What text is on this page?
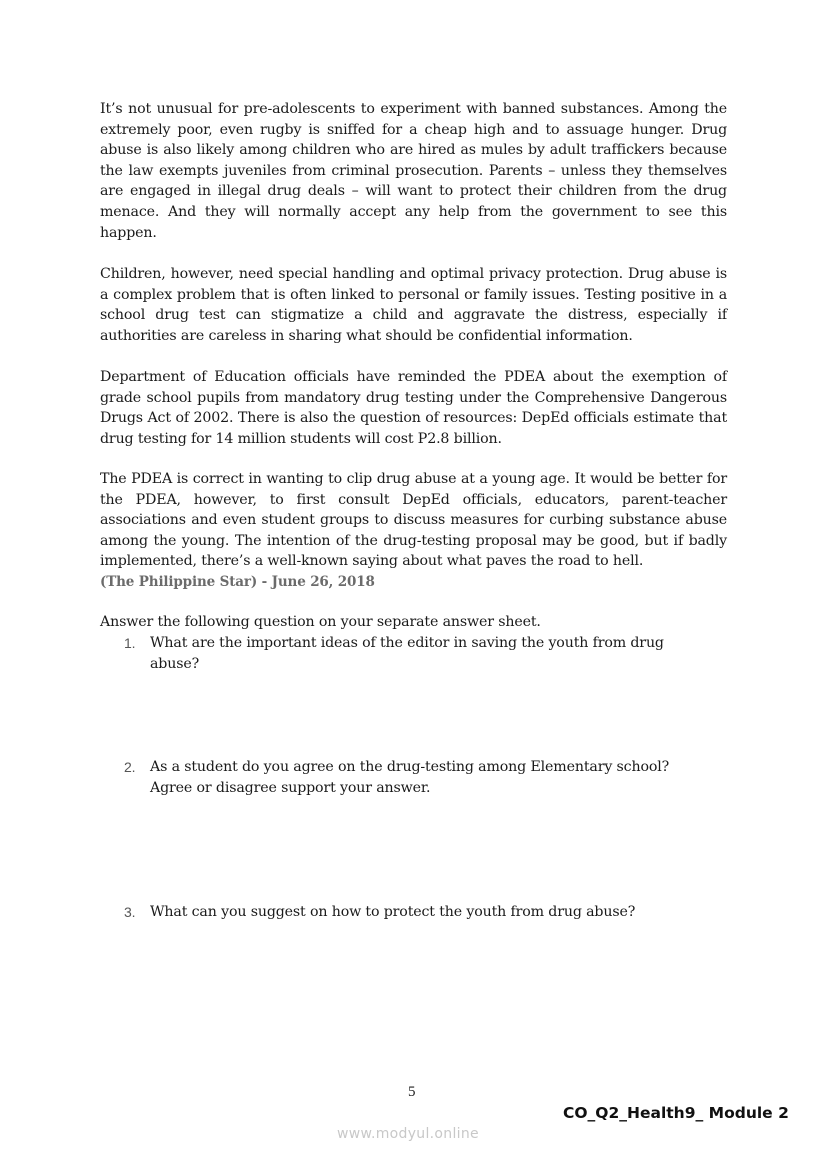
It’s not unusual for pre-adolescents to experiment with banned substances. Among the extremely poor, even rugby is sniffed for a cheap high and to assuage hunger. Drug abuse is also likely among children who are hired as mules by adult traffickers because the law exempts juveniles from criminal prosecution. Parents – unless they themselves are engaged in illegal drug deals – will want to protect their children from the drug menace. And they will normally accept any help from the government to see this happen.

Children, however, need special handling and optimal privacy protection. Drug abuse is a complex problem that is often linked to personal or family issues. Testing positive in a school drug test can stigmatize a child and aggravate the distress, especially if authorities are careless in sharing what should be confidential information.

Department of Education officials have reminded the PDEA about the exemption of grade school pupils from mandatory drug testing under the Comprehensive Dangerous Drugs Act of 2002. There is also the question of resources: DepEd officials estimate that drug testing for 14 million students will cost P2.8 billion.

The PDEA is correct in wanting to clip drug abuse at a young age. It would be better for the PDEA, however, to first consult DepEd officials, educators, parent-teacher associations and even student groups to discuss measures for curbing substance abuse among the young. The intention of the drug-testing proposal may be good, but if badly implemented, there’s a well-known saying about what paves the road to hell.
(The Philippine Star) - June 26, 2018
Answer the following question on your separate answer sheet.
1.	What are the important ideas of the editor in saving the youth from drug abuse?
2.	As a student do you agree on the drug-testing among Elementary school? Agree or disagree support your answer.
3.	What can you suggest on how to protect the youth from drug abuse?
5
CO_Q2_Health9_ Module 2
www.modyul.online
